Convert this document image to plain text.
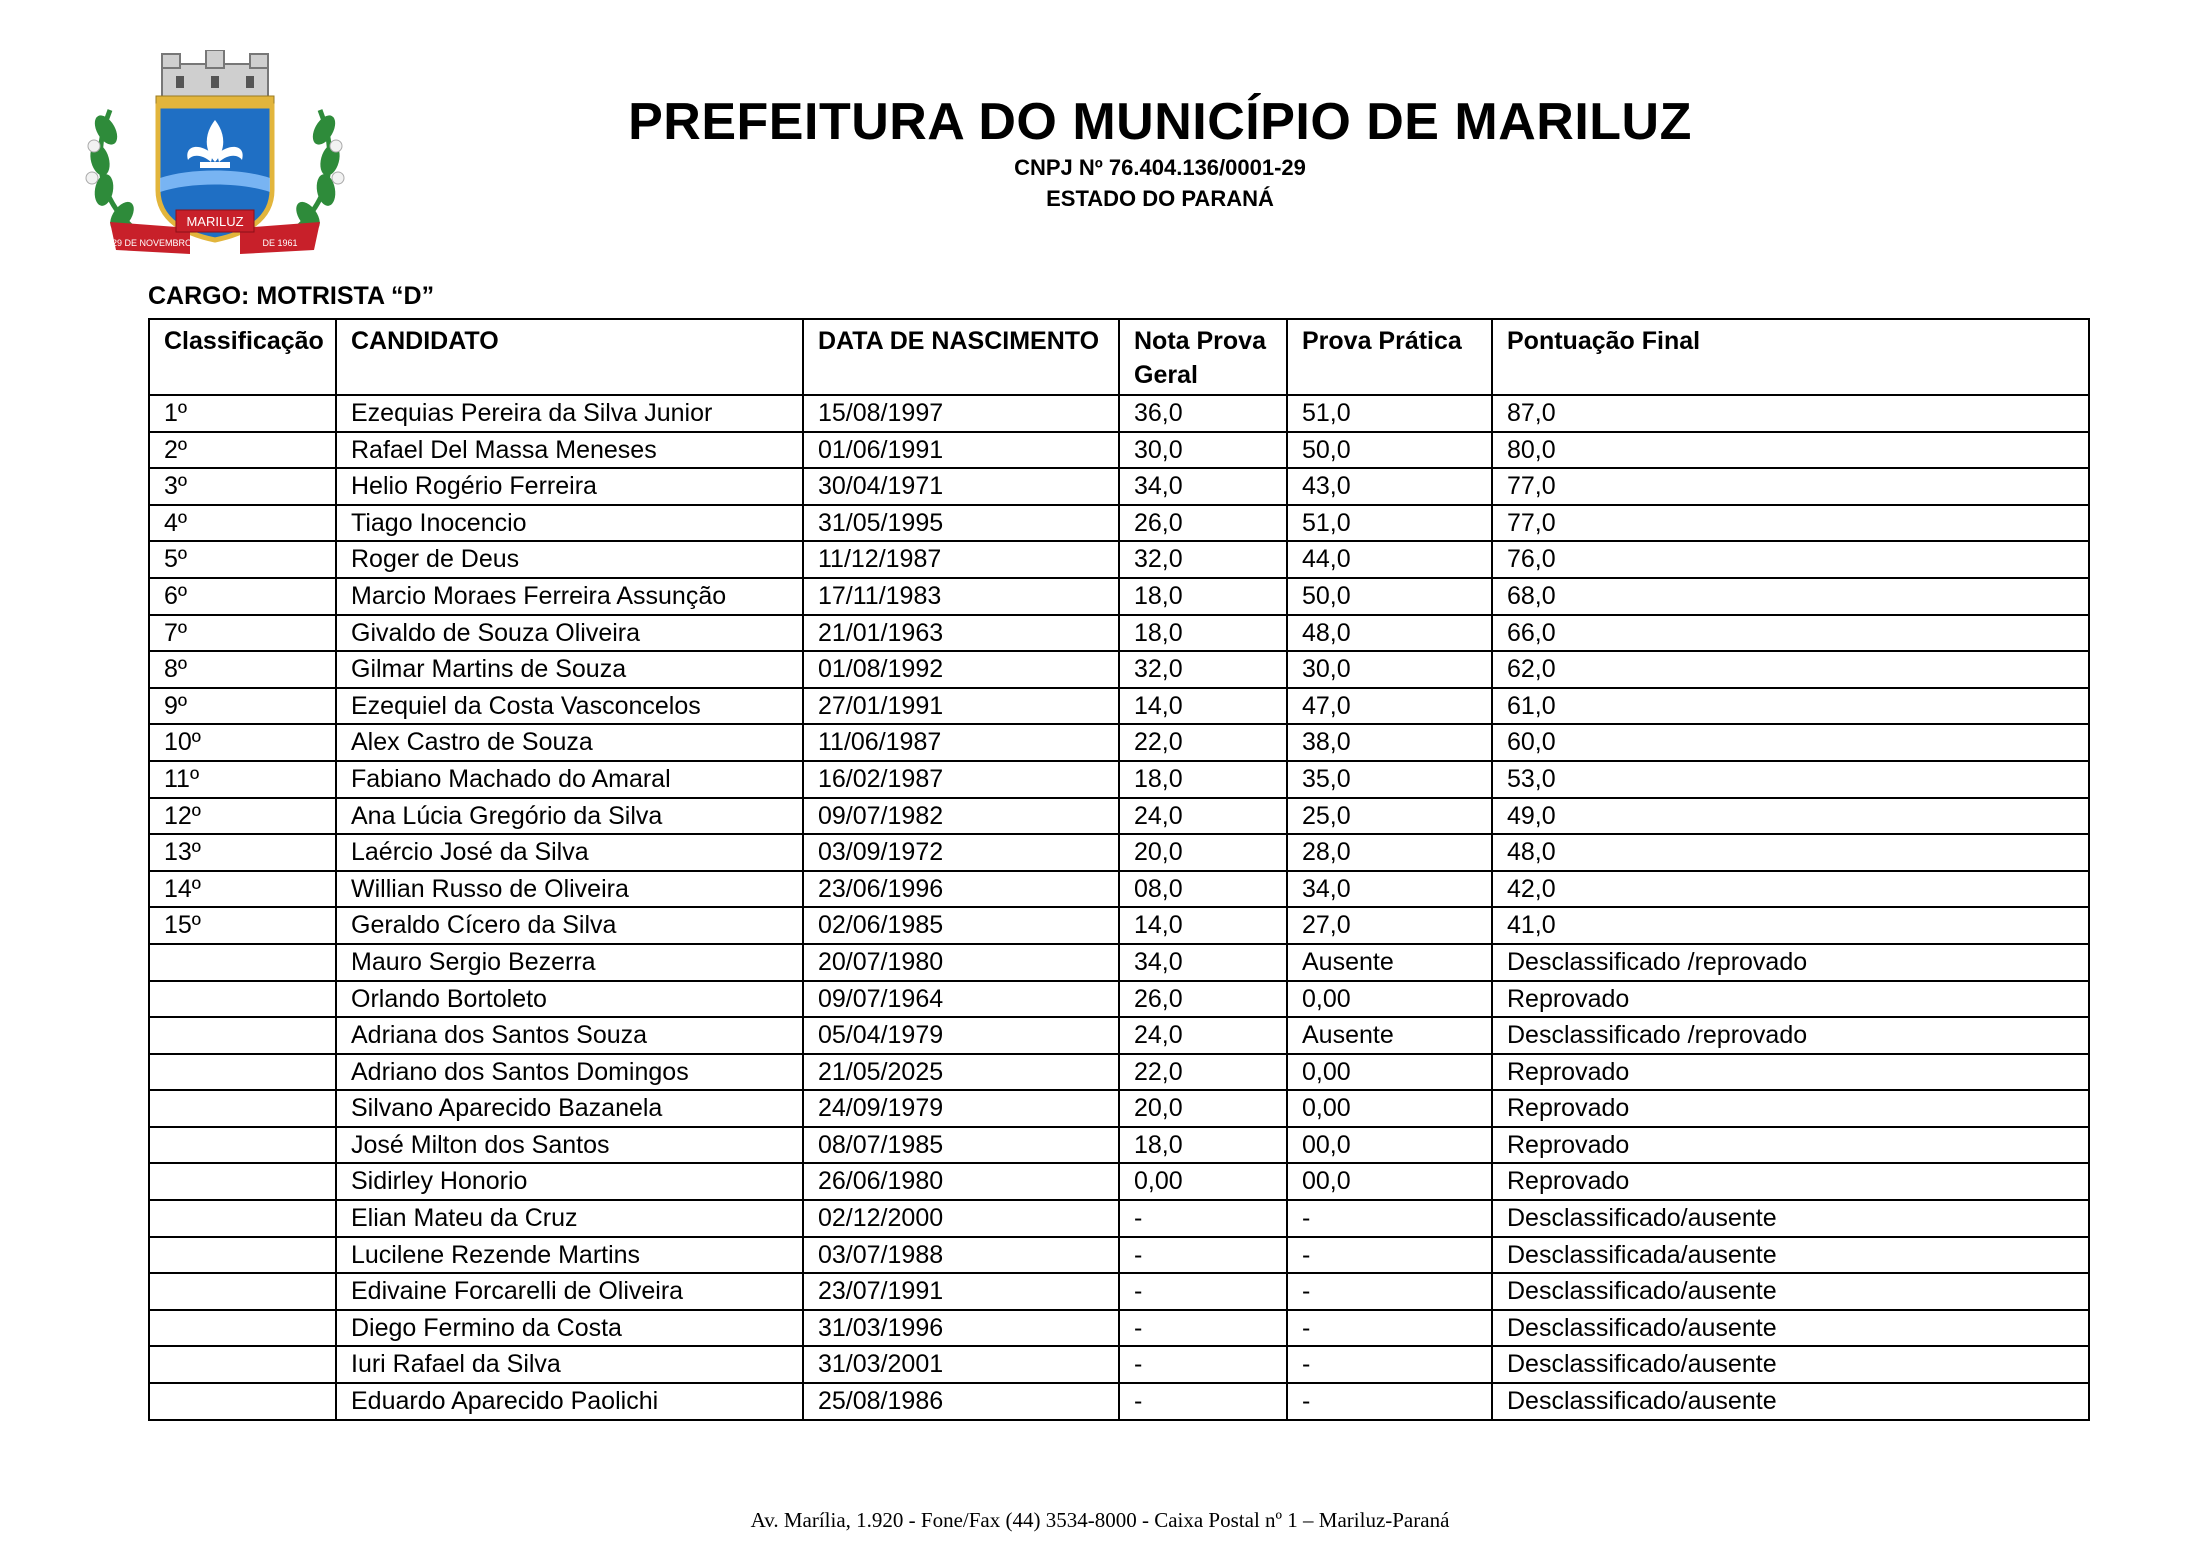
MARILUZ
29 DE NOVEMBRO	DE 1961
PREFEITURA DO MUNICÍPIO DE MARILUZ
CNPJ Nº 76.404.136/0001-29
ESTADO DO PARANÁ
CARGO: MOTRISTA “D”
Classificação	CANDIDATO	DATA DE NASCIMENTO	Nota Prova Geral	Prova Prática	Pontuação Final
1º	Ezequias Pereira da Silva Junior	15/08/1997	36,0	51,0	87,0
2º	Rafael Del Massa Meneses	01/06/1991	30,0	50,0	80,0
3º	Helio Rogério Ferreira	30/04/1971	34,0	43,0	77,0
4º	Tiago Inocencio	31/05/1995	26,0	51,0	77,0
5º	Roger de Deus	11/12/1987	32,0	44,0	76,0
6º	Marcio Moraes Ferreira Assunção	17/11/1983	18,0	50,0	68,0
7º	Givaldo de Souza Oliveira	21/01/1963	18,0	48,0	66,0
8º	Gilmar Martins de Souza	01/08/1992	32,0	30,0	62,0
9º	Ezequiel da Costa Vasconcelos	27/01/1991	14,0	47,0	61,0
10º	Alex Castro de Souza	11/06/1987	22,0	38,0	60,0
11º	Fabiano Machado do Amaral	16/02/1987	18,0	35,0	53,0
12º	Ana Lúcia Gregório da Silva	09/07/1982	24,0	25,0	49,0
13º	Laércio José da Silva	03/09/1972	20,0	28,0	48,0
14º	Willian Russo de Oliveira	23/06/1996	08,0	34,0	42,0
15º	Geraldo Cícero da Silva	02/06/1985	14,0	27,0	41,0
	Mauro Sergio Bezerra	20/07/1980	34,0	Ausente	Desclassificado /reprovado
	Orlando Bortoleto	09/07/1964	26,0	0,00	Reprovado
	Adriana dos Santos Souza	05/04/1979	24,0	Ausente	Desclassificado /reprovado
	Adriano dos Santos Domingos	21/05/2025	22,0	0,00	Reprovado
	Silvano Aparecido Bazanela	24/09/1979	20,0	0,00	Reprovado
	José Milton dos Santos	08/07/1985	18,0	00,0	Reprovado
	Sidirley Honorio	26/06/1980	0,00	00,0	Reprovado
	Elian Mateu da Cruz	02/12/2000	-	-	Desclassificado/ausente
	Lucilene Rezende Martins	03/07/1988	-	-	Desclassificada/ausente
	Edivaine Forcarelli de Oliveira	23/07/1991	-	-	Desclassificado/ausente
	Diego Fermino da Costa	31/03/1996	-	-	Desclassificado/ausente
	Iuri Rafael da Silva	31/03/2001	-	-	Desclassificado/ausente
	Eduardo Aparecido Paolichi	25/08/1986	-	-	Desclassificado/ausente
Av. Marília, 1.920 - Fone/Fax (44) 3534-8000 - Caixa Postal nº 1 – Mariluz-Paraná
